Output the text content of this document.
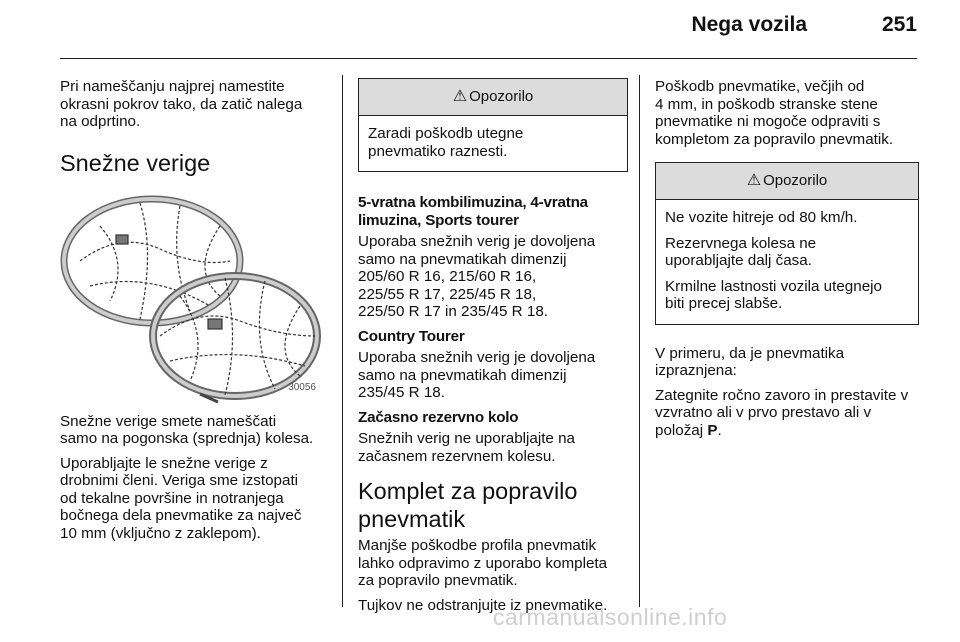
Nega vozila	251

Pri nameščanju najprej namestite
okrasni pokrov tako, da zatič nalega
na odprtino.

Snežne verige
30056

Snežne verige smete nameščati
samo na pogonska (sprednja) kolesa.

Uporabljajte le snežne verige z
drobnimi členi. Veriga sme izstopati
od tekalne površine in notranjega
bočnega dela pnevmatike za največ
10 mm (vključno z zaklepom).

⚠ Opozorilo

Zaradi poškodb utegne
pnevmatiko raznesti.

5-vratna kombilimuzina, 4-vratna
limuzina, Sports tourer

Uporaba snežnih verig je dovoljena
samo na pnevmatikah dimenzij
205/60 R 16, 215/60 R 16,
225/55 R 17, 225/45 R 18,
225/50 R 17 in 235/45 R 18.

Country Tourer

Uporaba snežnih verig je dovoljena
samo na pnevmatikah dimenzij
235/45 R 18.

Začasno rezervno kolo

Snežnih verig ne uporabljajte na
začasnem rezervnem kolesu.

Komplet za popravilo
pnevmatik

Manjše poškodbe profila pnevmatik
lahko odpravimo z uporabo kompleta
za popravilo pnevmatik.

Tujkov ne odstranjujte iz pnevmatike.

Poškodb pnevmatike, večjih od
4 mm, in poškodb stranske stene
pnevmatike ni mogoče odpraviti s
kompletom za popravilo pnevmatik.

⚠ Opozorilo

Ne vozite hitreje od 80 km/h.

Rezervnega kolesa ne
uporabljajte dalj časa.

Krmilne lastnosti vozila utegnejo
biti precej slabše.

V primeru, da je pnevmatika
izpraznjena:

Zategnite ročno zavoro in prestavite v
vzvratno ali v prvo prestavo ali v
položaj P.

carmanualsonline.info
